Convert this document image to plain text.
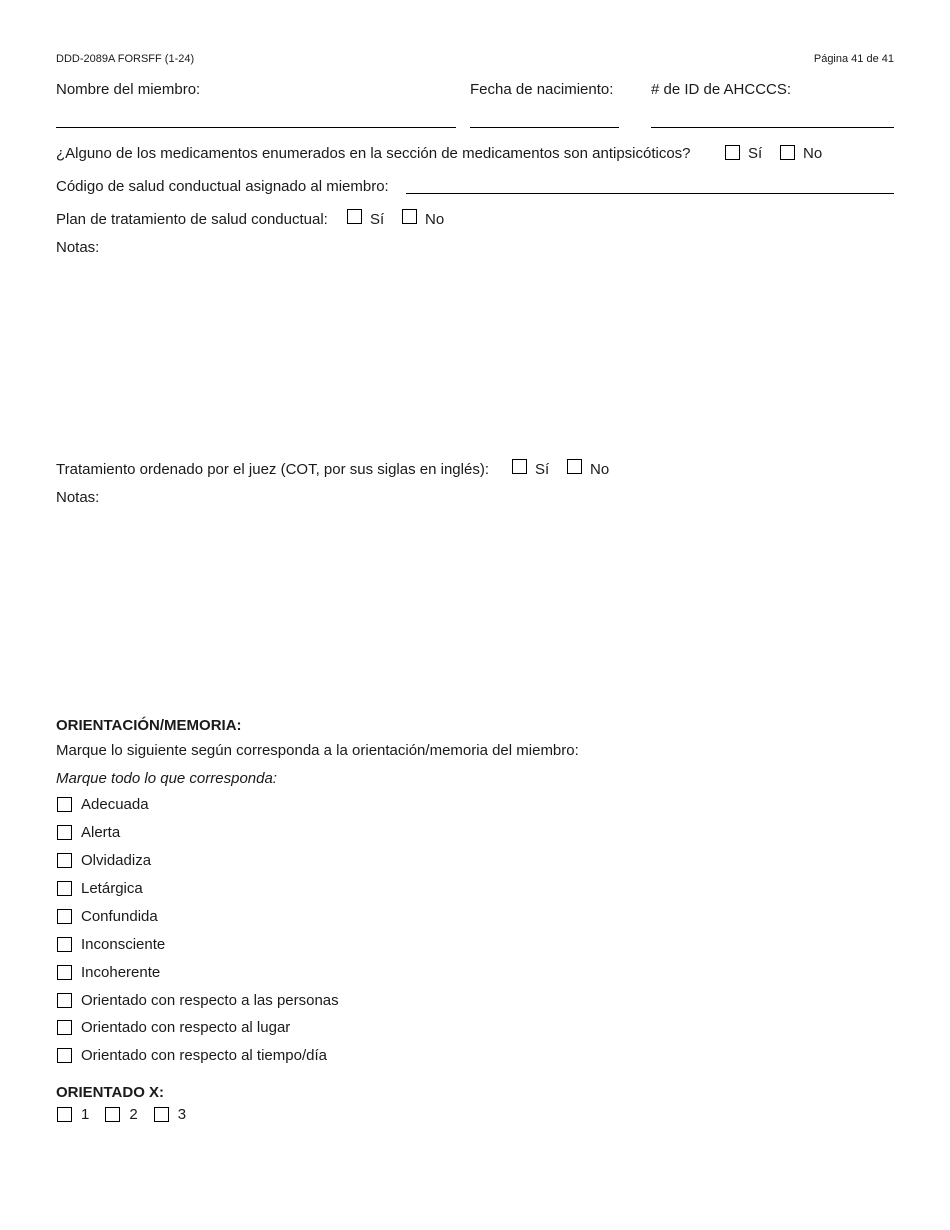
DDD-2089A FORSFF (1-24)	Página 41 de 41
Nombre del miembro:	Fecha de nacimiento:	# de ID de AHCCCS:
¿Alguno de los medicamentos enumerados en la sección de medicamentos son antipsicóticos?	Sí	No
Código de salud conductual asignado al miembro:
Plan de tratamiento de salud conductual:	Sí	No
Notas:
Tratamiento ordenado por el juez (COT, por sus siglas en inglés):	Sí	No
Notas:
ORIENTACIÓN/MEMORIA:
Marque lo siguiente según corresponda a la orientación/memoria del miembro:
Marque todo lo que corresponda:
Adecuada
Alerta
Olvidadiza
Letárgica
Confundida
Inconsciente
Incoherente
Orientado con respecto a las personas
Orientado con respecto al lugar
Orientado con respecto al tiempo/día
ORIENTADO X:
1	2	3
